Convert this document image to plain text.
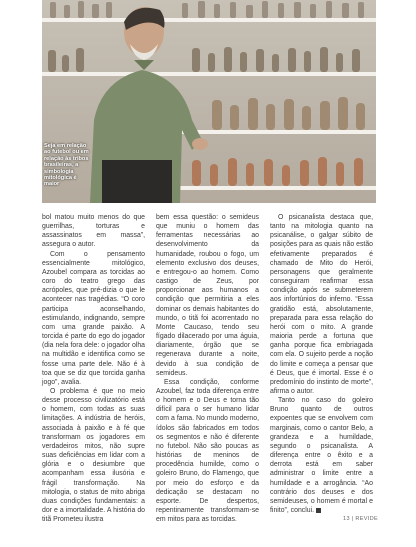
Seja em relação ao futebol ou em relação às tribos brasileiras, a simbologia mitológica é maior

bol matou muito menos do que guerrilhas, torturas e assassinatos em massa”, assegura o autor.

Com o pensamento essencialmente mitológico, Azoubel compara as torcidas ao coro do teatro grego das acrópoles, que pré-dizia o que le acontecer nas tragédias. “O coro participa aconselhando, estimulando, indignando, sempre com uma grande paixão. A torcida é parte do ego do jogador (dia nela fora dele: o jogador olha na multidão e identifica como se fosse uma parte dele. Não é à toa que se diz que torcida ganha jogo”, avalia.

O problema é que no meio desse processo civilizatório está o homem, com todas as suas limitações. A indústria de heróis, associada à paixão e à fé que transformam os jogadores em verdadeiros mitos, não supre suas deficiências em lidar com a glória e o desiumbre que acompanham essa ilusória e frágil transformação. Na mitologia, o status de mito abriga duas condições fundamentais: a dor e a imortalidade. A história do titã Prometeu ilustra

bem essa questão: o semideus que muniu o homem das ferramentas necessárias ao desenvolvimento da humanidade, roubou o fogo, um elemento exclusivo dos deuses, e entregou-o ao homem. Como castigo de Zeus, por proporcionar aos humanos a condição que permitiria a eles dominar os demais habitantes do mundo, o titã foi acorrentado no Monte Caucaso, tendo seu fígado dilacerado por uma águia, diariamente, órgão que se regenerava durante a noite, devido à sua condição de semideus.

Essa condição, conforme Azoubel, faz toda diferença entre o homem e o Deus e torna tão difícil para o ser humano lidar com a fama. No mundo moderno, ídolos são fabricados em todos os segmentos e não é diferente no futebol. Não são poucas as histórias de meninos de procedência humilde, como o goleiro Bruno, do Flamengo, que por meio do esforço e da dedicação se destacam no esporte. De despertos, repentinamente transformam-se em mitos para as torcidas.

O psicanalista destaca que, tanto na mitologia quanto na psicanálise, o galgar súbito de posições para as quais não estão efetivamente preparados é chamado de Mito do Herói, personagens que geralmente conseguiram reafirmar essa condição após se submeterem aos infortúnios do inferno. “Essa gratidão está, absolutamente, preparada para essa relação do herói com o mito. A grande maioria perde a fortuna que ganha porque fica embriagada com ela. O sujeito perde a noção do limite e começa a pensar que é Deus, que é imortal. Esse é o predomínio do instinto de morte”, afirma o autor.

Tanto no caso do goleiro Bruno quanto de outros expoentes que se envolvem com marginais, como o cantor Belo, a grandeza e a humildade, segundo o psicanalista. A diferença entre o êxito e a derrota está em saber administrar o limite entre a humildade e a arrogância. “Ao contrário dos deuses e dos semideuses, o homem é mortal e finito”, conclui.

13 | REVIDE
